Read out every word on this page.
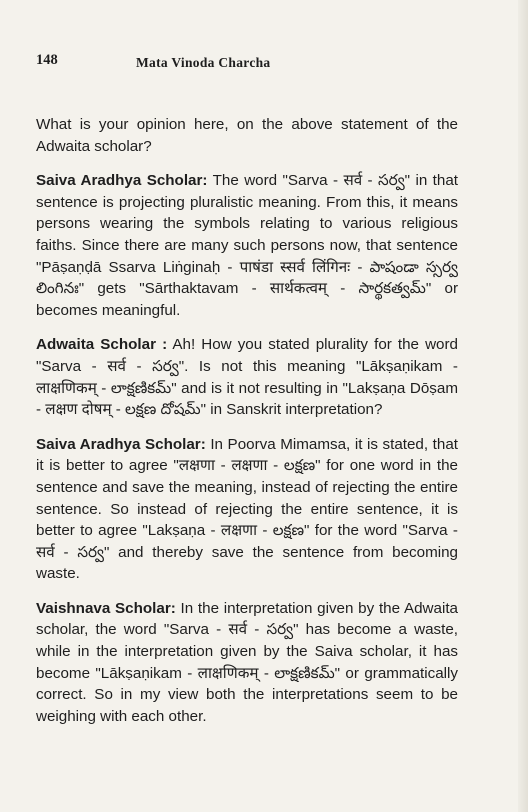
148	Mata Vinoda Charcha

What is your opinion here, on the above statement of the Adwaita scholar?

Saiva Aradhya Scholar: The word "Sarva - सर्व - సర్వ" in that sentence is projecting pluralistic meaning. From this, it means persons wearing the symbols relating to various religious faiths. Since there are many such persons now, that sentence "Pāṣaṇḍā Ssarva Liṅginaḥ - पाषंडा स्सर्व लिंगिनः - పాషండా స్సర్వ లింగినః" gets "Sārthaktavam - सार्थकत्वम् - సార్థకత్వమ్" or becomes meaningful.

Adwaita Scholar : Ah! How you stated plurality for the word "Sarva - सर्व - సర్వ". Is not this meaning "Lākṣaṇikam - लाक्षणिकम् - లాక్షణికమ్" and is it not resulting in "Lakṣaṇa Dōṣam - लक्षण दोषम् - లక్షణ దోషమ్" in Sanskrit interpretation?

Saiva Aradhya Scholar: In Poorva Mimamsa, it is stated, that it is better to agree "लक्षणा - लक्षणा - లక్షణ" for one word in the sentence and save the meaning, instead of rejecting the entire sentence. So instead of rejecting the entire sentence, it is better to agree "Lakṣaṇa - लक्षणा - లక్షణ" for the word "Sarva - सर्व - సర్వ" and thereby save the sentence from becoming waste.

Vaishnava Scholar: In the interpretation given by the Adwaita scholar, the word "Sarva - सर्व - సర్వ" has become a waste, while in the interpretation given by the Saiva scholar, it has become "Lākṣaṇikam - लाक्षणिकम् - లాక్షణికమ్" or grammatically correct. So in my view both the interpretations seem to be weighing with each other.
